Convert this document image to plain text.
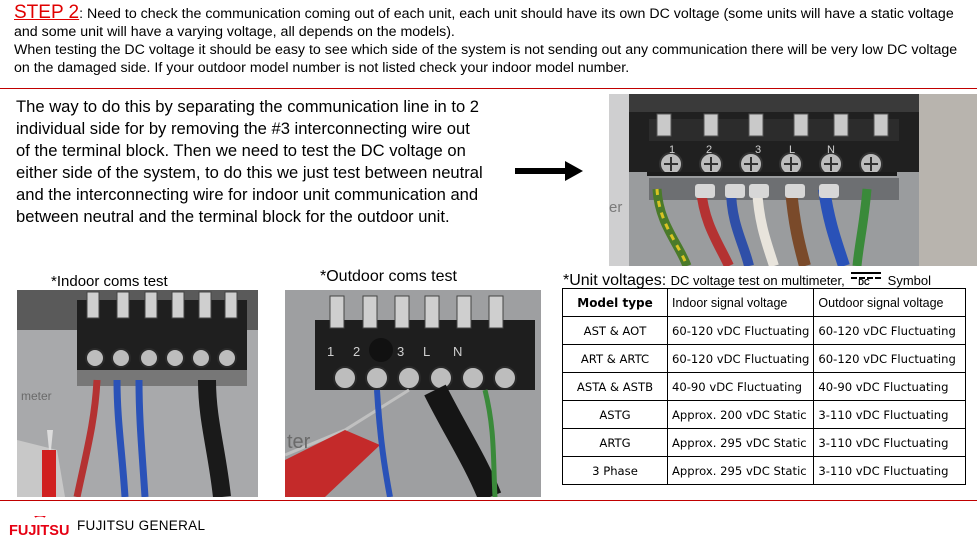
STEP 2: Need to check the communication coming out of each unit, each unit should have its own DC voltage (some units will have a static voltage and some unit will have a varying voltage, all depends on the models).
When testing the DC voltage it should be easy to see which side of the system is not sending out any communication there will be very low DC voltage on the damaged side. If your outdoor model number is not listed check your indoor model number.
The way to do this by separating the communication line in to 2 individual side for by removing the #3 interconnecting wire out of the terminal block. Then we need to test the DC voltage on either side of the system, to do this we just test between neutral and the interconnecting wire for indoor unit communication and between neutral and the terminal block for the outdoor unit.
1	2	3	L	N
er
*Indoor coms test	*Outdoor coms test
meter
1 2	3 L N
ter
*Unit voltages: DC voltage test on multimeter, DC Symbol
Model type	Indoor signal voltage	Outdoor signal voltage
AST & AOT	60-120 vDC Fluctuating	60-120 vDC Fluctuating
ART & ARTC	60-120 vDC Fluctuating	60-120 vDC Fluctuating
ASTA & ASTB	40-90 vDC Fluctuating	40-90 vDC Fluctuating
ASTG	Approx. 200 vDC Static	3-110 vDC Fluctuating
ARTG	Approx. 295 vDC Static	3-110 vDC Fluctuating
3 Phase	Approx. 295 vDC Static	3-110 vDC Fluctuating
FUJITSU FUJITSU GENERAL
